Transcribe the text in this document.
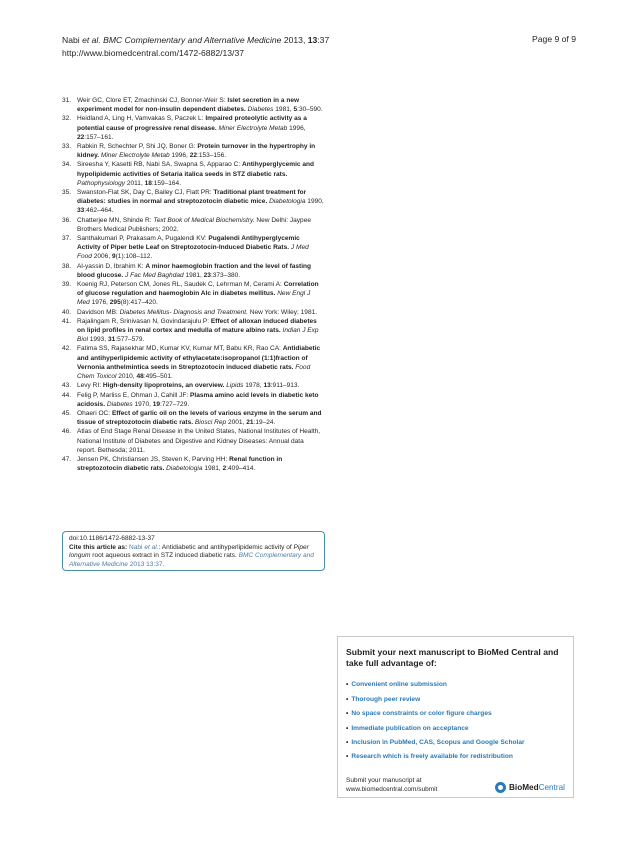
Nabi et al. BMC Complementary and Alternative Medicine 2013, 13:37
http://www.biomedcentral.com/1472-6882/13/37
Page 9 of 9
31. Weir GC, Clore ET, Zmachinski CJ, Bonner-Weir S: Islet secretion in a new experiment model for non-insulin dependent diabetes. Diabetes 1981, 5:30–590.
32. Heidland A, Ling H, Vamvakas S, Paczek L: Impaired proteolytic activity as a potential cause of progressive renal disease. Miner Electrolyte Metab 1996, 22:157–161.
33. Rabkin R, Schechter P, Shi JQ, Boner G: Protein turnover in the hypertrophy in kidney. Miner Electrolyte Metab 1996, 22:153–156.
34. Sireesha Y, Kasetti RB, Nabi SA, Swapna S, Apparao C: Antihyperglycemic and hypolipidemic activities of Setaria italica seeds in STZ diabetic rats. Pathophysiology 2011, 18:159–164.
35. Swanston-Flat SK, Day C, Bailey CJ, Flatt PR: Traditional plant treatment for diabetes: studies in normal and streptozotocin diabetic mice. Diabetologia 1990, 33:462–464.
36. Chatterjee MN, Shinde R: Text Book of Medical Biochemistry. New Delhi: Jaypee Brothers Medical Publishers; 2002.
37. Santhakumari P, Prakasam A, Pugalendi KV: Pugalendi Antihyperglycemic Activity of Piper betle Leaf on Streptozotocin-Induced Diabetic Rats. J Med Food 2006, 9(1):108–112.
38. Al-yassin D, Ibrahim K: A minor haemoglobin fraction and the level of fasting blood glucose. J Fac Med Baghdad 1981, 23:373–380.
39. Koenig RJ, Peterson CM, Jones RL, Saudek C, Lehrman M, Cerami A: Correlation of glucose regulation and haemoglobin Alc in diabetes mellitus. New Engl J Med 1976, 295(8):417–420.
40. Davidson MB: Diabetes Mellitus- Diagnosis and Treatment. New York: Wiley; 1981.
41. Rajalingam R, Srinivasan N, Govindarajulu P: Effect of alloxan induced diabetes on lipid profiles in renal cortex and medulla of mature albino rats. Indian J Exp Biol 1993, 31:577–579.
42. Fatima SS, Rajasekhar MD, Kumar KV, Kumar MT, Babu KR, Rao CA: Antidiabetic and antihyperlipidemic activity of ethylacetate:isopropanol (1:1)fraction of Vernonia anthelmintica seeds in Streptozotocin induced diabetic rats. Food Chem Toxicol 2010, 48:495–501.
43. Levy RI: High-density lipoproteins, an overview. Lipids 1978, 13:911–913.
44. Felig P, Marliss E, Ohman J, Cahill JF: Plasma amino acid levels in diabetic keto acidosis. Diabetes 1970, 19:727–729.
45. Ohaeri OC: Effect of garlic oil on the levels of various enzyme in the serum and tissue of streptozotocin diabetic rats. Biosci Rep 2001, 21:19–24.
46. Atlas of End Stage Renal Disease in the United States, National Institutes of Health, National Institute of Diabetes and Digestive and Kidney Diseases: Annual data report. Bethesda; 2011.
47. Jensen PK, Christiansen JS, Steven K, Parving HH: Renal function in streptozotocin diabetic rats. Diabetologia 1981, 2:409–414.
doi:10.1186/1472-6882-13-37
Cite this article as: Nabi et al.: Antidiabetic and antihyperlipidemic activity of Piper longum root aqueous extract in STZ induced diabetic rats. BMC Complementary and Alternative Medicine 2013 13:37.
Submit your next manuscript to BioMed Central and take full advantage of:
• Convenient online submission
• Thorough peer review
• No space constraints or color figure charges
• Immediate publication on acceptance
• Inclusion in PubMed, CAS, Scopus and Google Scholar
• Research which is freely available for redistribution
Submit your manuscript at
www.biomedcentral.com/submit	BioMed Central
